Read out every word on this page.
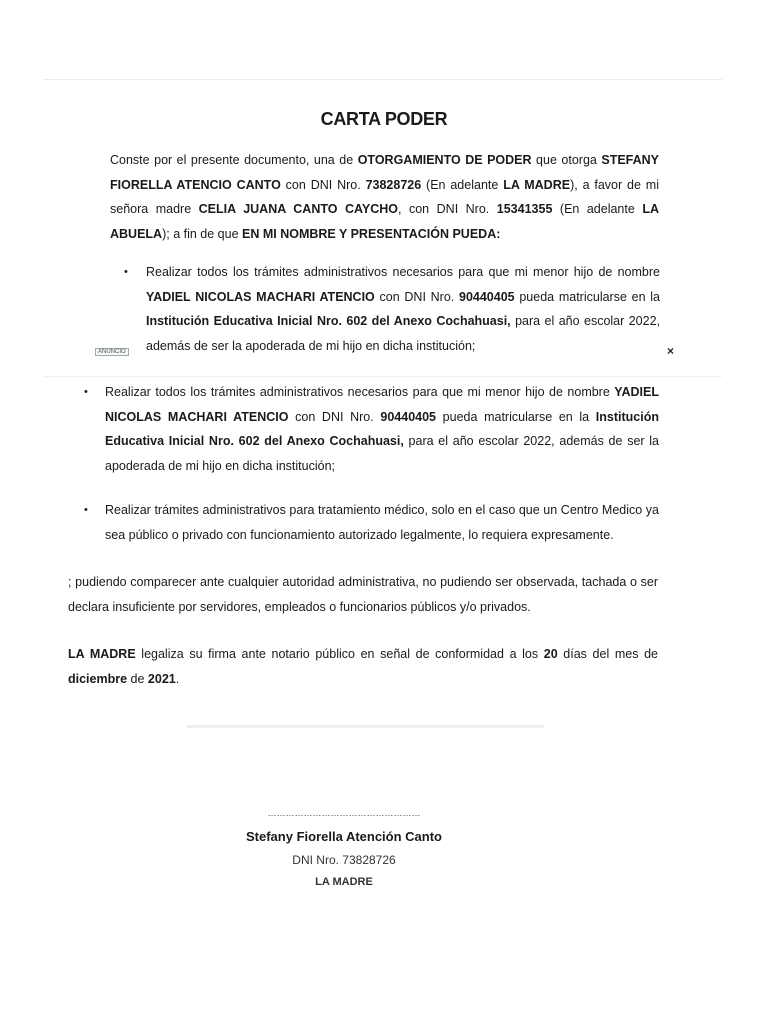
CARTA PODER

Conste por el presente documento, una de OTORGAMIENTO DE PODER que otorga STEFANY FIORELLA ATENCIO CANTO con DNI Nro. 73828726 (En adelante LA MADRE), a favor de mi señora madre CELIA JUANA CANTO CAYCHO, con DNI Nro. 15341355 (En adelante LA ABUELA); a fin de que EN MI NOMBRE Y PRESENTACIÓN PUEDA:

• Realizar todos los trámites administrativos necesarios para que mi menor hijo de nombre YADIEL NICOLAS MACHARI ATENCIO con DNI Nro. 90440405 pueda matricularse en la Institución Educativa Inicial Nro. 602 del Anexo Cochahuasi, para el año escolar 2022, además de ser la apoderada de mi hijo en dicha institución;

ANUNCIO	×
• Realizar todos los trámites administrativos necesarios para que mi menor hijo de nombre YADIEL NICOLAS MACHARI ATENCIO con DNI Nro. 90440405 pueda matricularse en la Institución Educativa Inicial Nro. 602 del Anexo Cochahuasi, para el año escolar 2022, además de ser la apoderada de mi hijo en dicha institución;

• Realizar trámites administrativos para tratamiento médico, solo en el caso que un Centro Medico ya sea público o privado con funcionamiento autorizado legalmente, lo requiera expresamente.

; pudiendo comparecer ante cualquier autoridad administrativa, no pudiendo ser observada, tachada o ser declara insuficiente por servidores, empleados o funcionarios públicos y/o privados.

LA MADRE legaliza su firma ante notario público en señal de conformidad a los 20 días del mes de diciembre de 2021.

……………………………………………
Stefany Fiorella Atención Canto
DNI Nro. 73828726
LA MADRE
